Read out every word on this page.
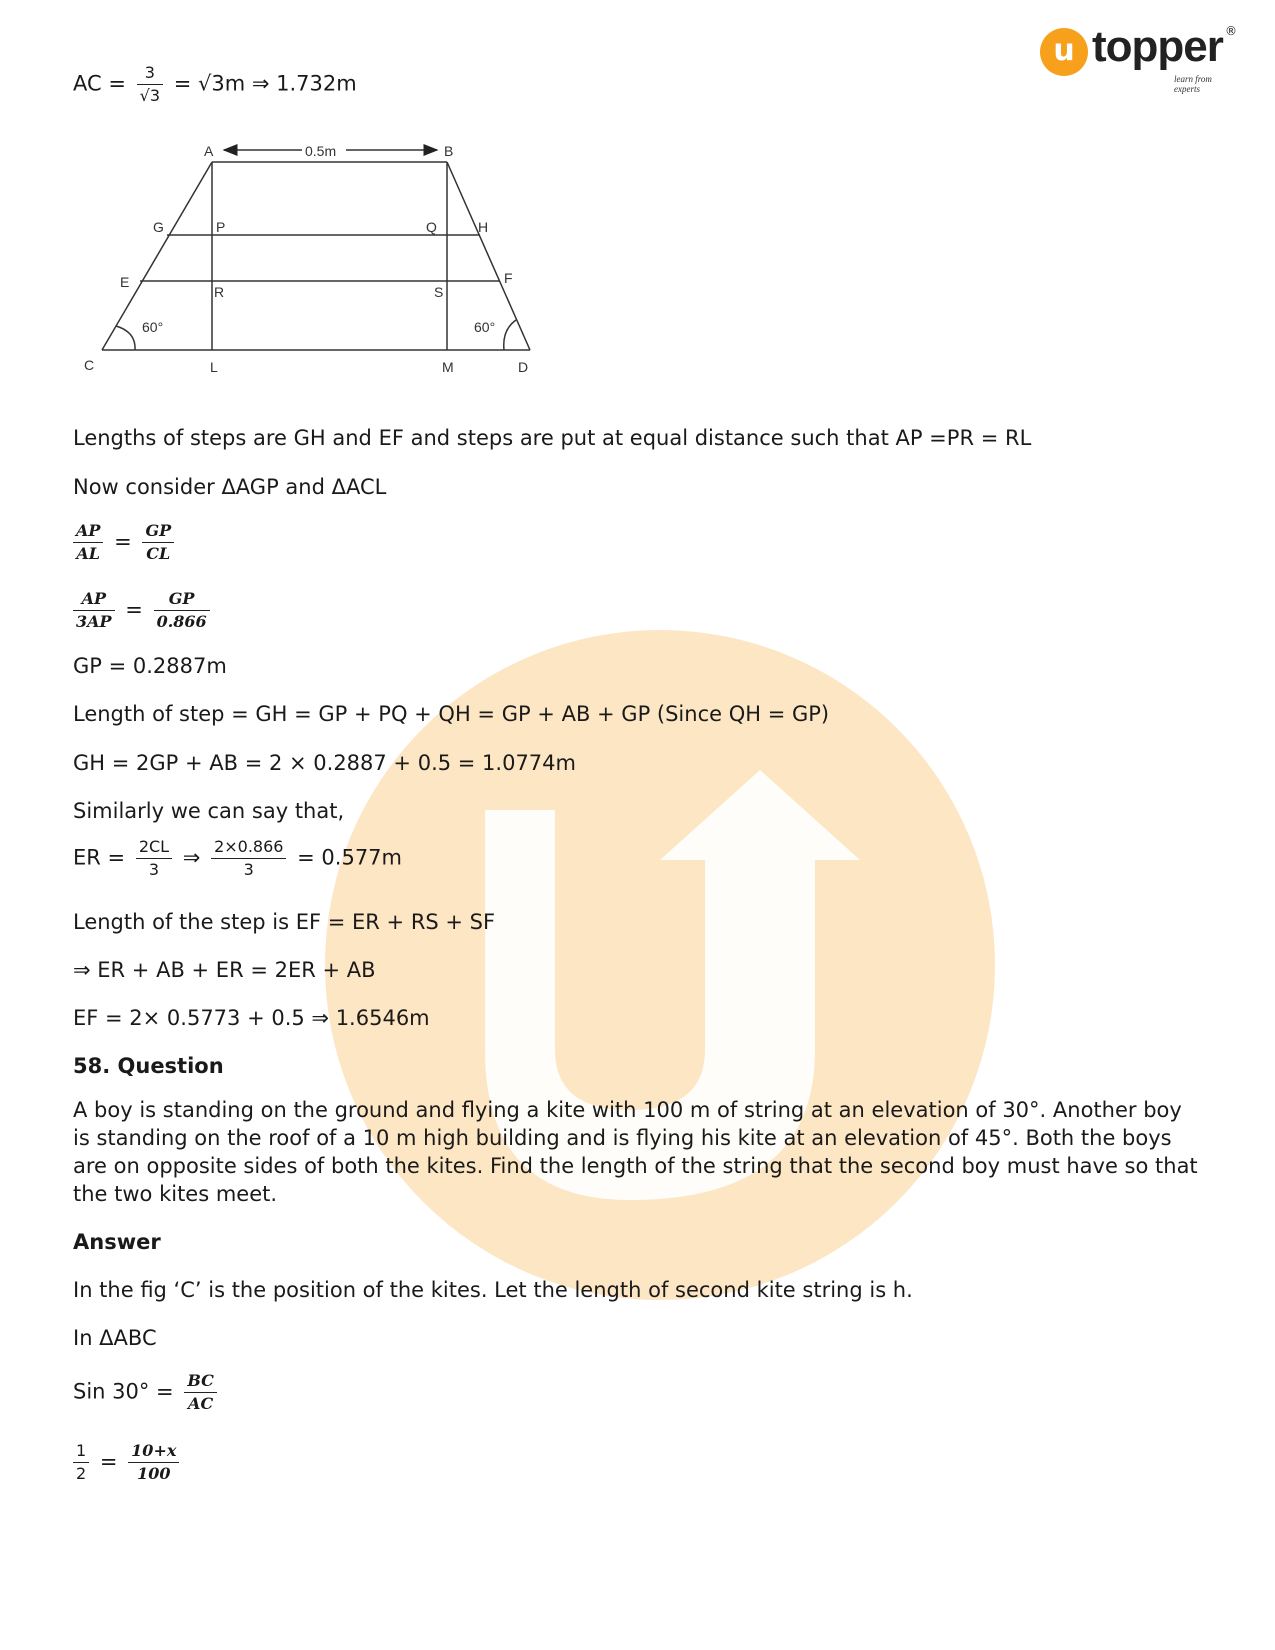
u topper ®
learn from experts
AC = $\frac{3}{√3} = √3m$ ⇒ 1.732m
Lengths of steps are GH and EF and steps are put at equal distance such that AP =PR = RL
Now consider ΔAGP and ΔACL
$\frac{AP}{AL} = \frac{GP}{CL}$
$\frac{AP}{3AP} = \frac{GP}{0.866}$
GP = 0.2887m
Length of step = GH = GP + PQ + QH = GP + AB + GP (Since QH = GP)
GH = 2GP + AB = 2 × 0.2887 + 0.5 = 1.0774m
Similarly we can say that,
ER = $\frac{2CL}{3}$ ⇒ $\frac{2\times 0.866}{3} = 0.577m$
Length of the step is EF = ER + RS + SF
⇒ ER + AB + ER = 2ER + AB
EF = 2× 0.5773 + 0.5 ⇒ 1.6546m
58. Question
A boy is standing on the ground and flying a kite with 100 m of string at an elevation of 30°. Another boy is standing on the roof of a 10 m high building and is flying his kite at an elevation of 45°. Both the boys are on opposite sides of both the kites. Find the length of the string that the second boy must have so that the two kites meet.
Answer
In the fig ‘C’ is the position of the kites. Let the length of second kite string is h.
In ΔABC
Sin $30^\circ = \frac{BC}{AC}$
$\frac{1}{2} = \frac{10+x}{100}$
A	B
0.5m
G	P	Q	H
E	F
R	S
60°	60°
C	L	M	D
